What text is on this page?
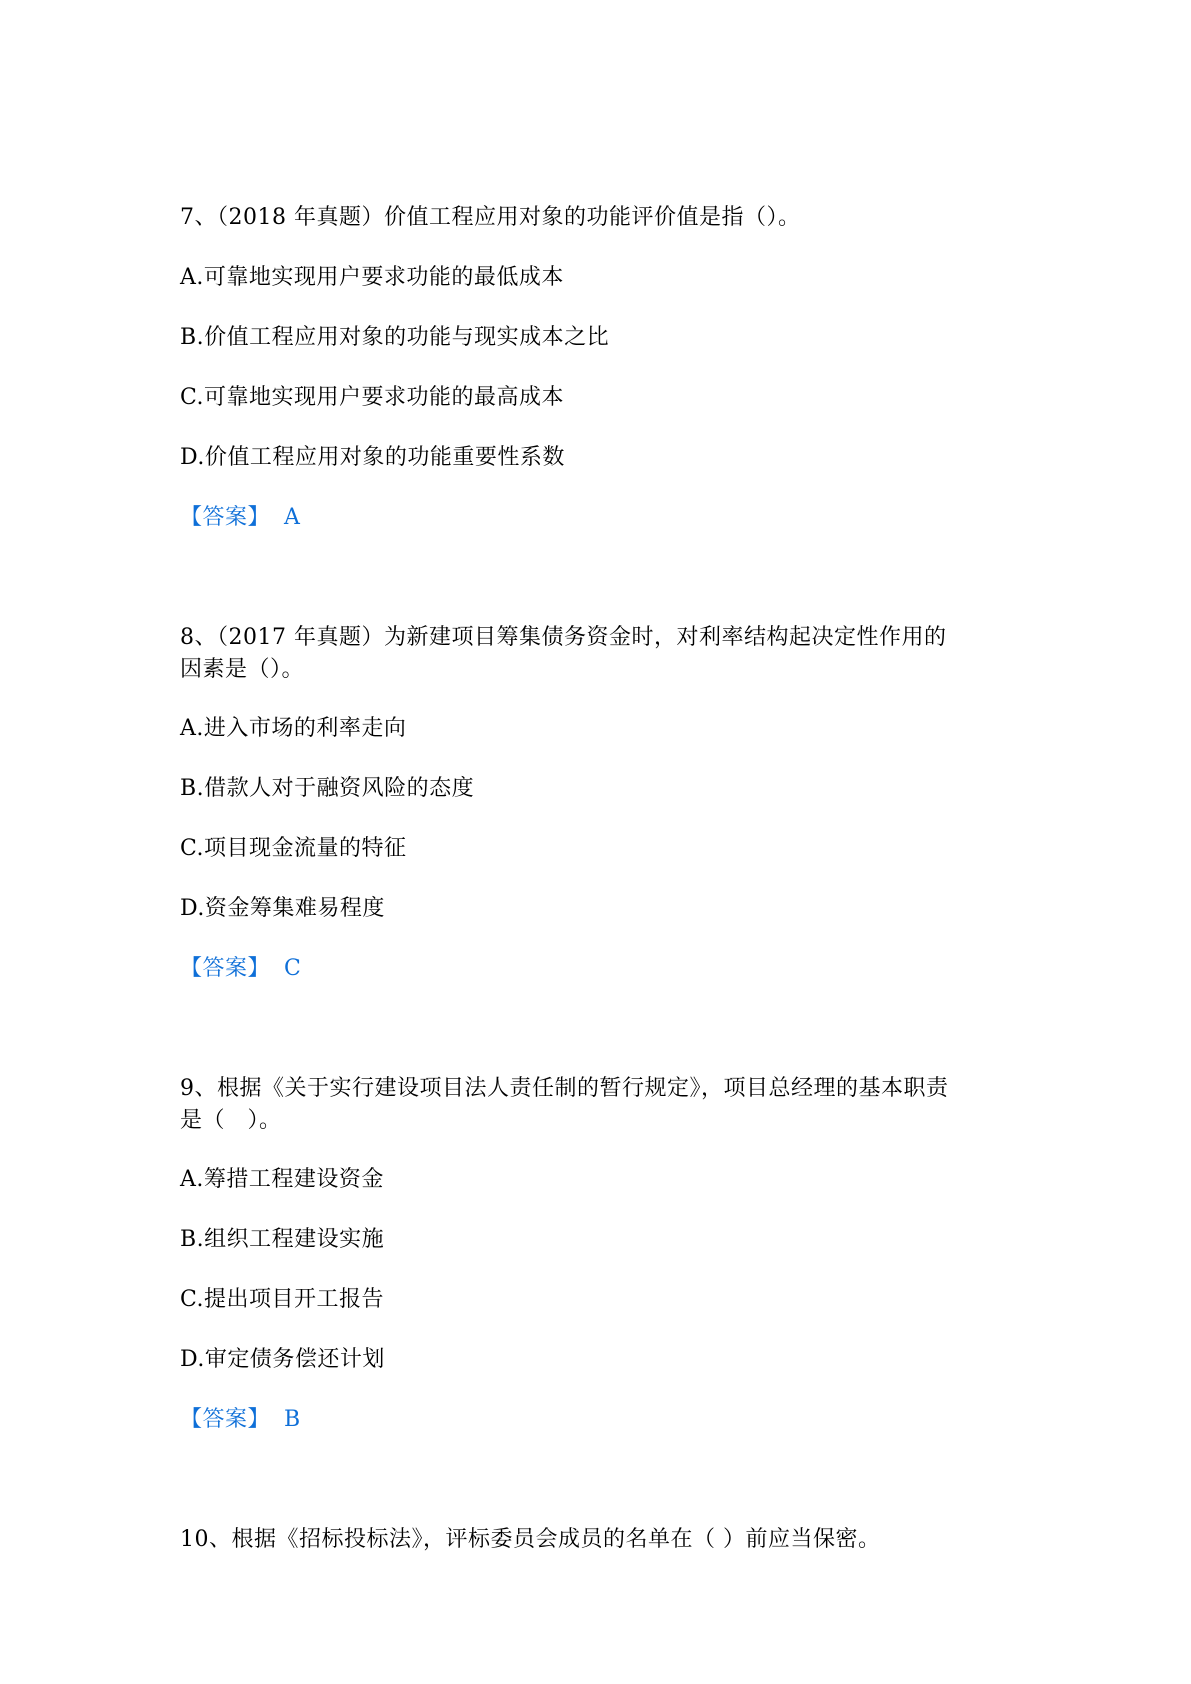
7、（2018 年真题）价值工程应用对象的功能评价值是指（）。
A.可靠地实现用户要求功能的最低成本
B.价值工程应用对象的功能与现实成本之比
C.可靠地实现用户要求功能的最高成本
D.价值工程应用对象的功能重要性系数
【答案】 A
8、（2017 年真题）为新建项目筹集债务资金时，对利率结构起决定性作用的
因素是（）。
A.进入市场的利率走向
B.借款人对于融资风险的态度
C.项目现金流量的特征
D.资金筹集难易程度
【答案】 C
9、根据《关于实行建设项目法人责任制的暂行规定》，项目总经理的基本职责
是（　）。
A.筹措工程建设资金
B.组织工程建设实施
C.提出项目开工报告
D.审定债务偿还计划
【答案】 B
10、根据《招标投标法》，评标委员会成员的名单在（ ）前应当保密。
